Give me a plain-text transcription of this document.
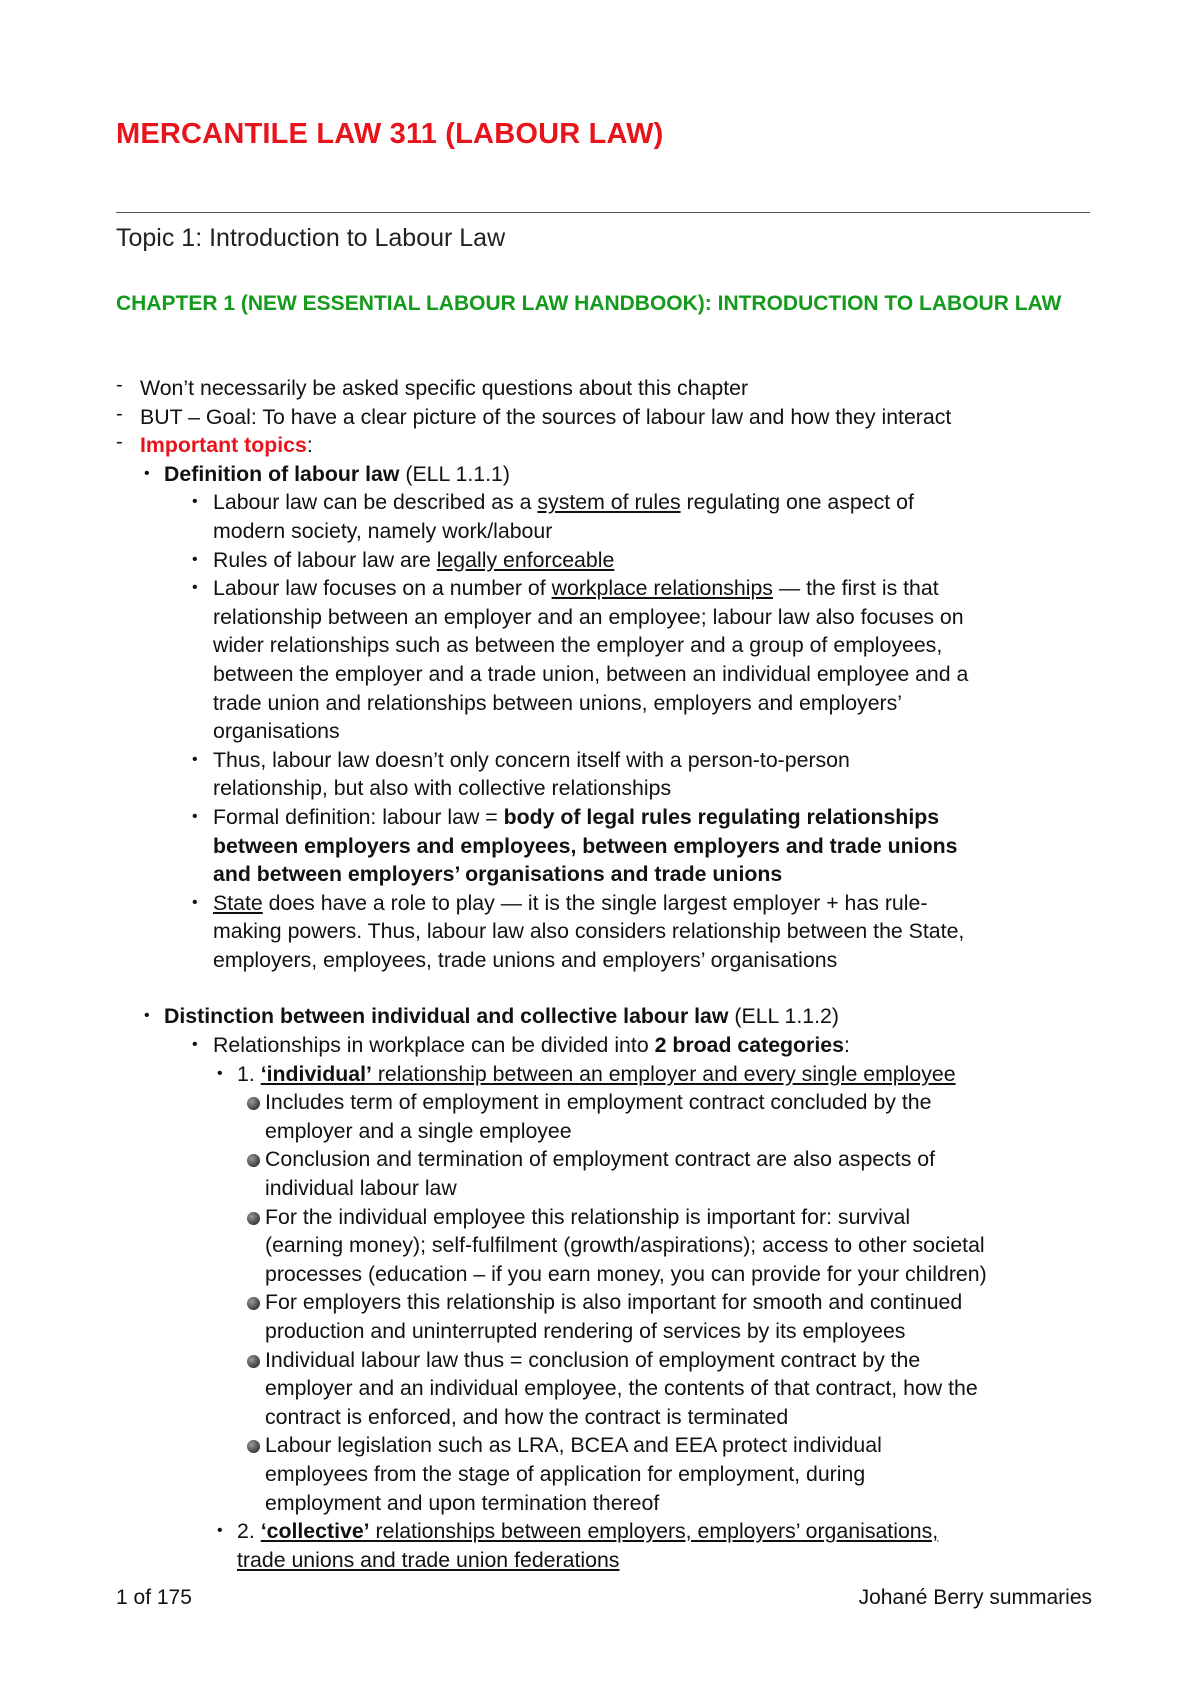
MERCANTILE LAW 311 (LABOUR LAW)
Topic 1: Introduction to Labour Law
CHAPTER 1 (NEW ESSENTIAL LABOUR LAW HANDBOOK): INTRODUCTION TO LABOUR LAW
- Won’t necessarily be asked specific questions about this chapter
- BUT – Goal: To have a clear picture of the sources of labour law and how they interact
- Important topics:
• Definition of labour law (ELL 1.1.1)
• Labour law can be described as a system of rules regulating one aspect of
modern society, namely work/labour
• Rules of labour law are legally enforceable
• Labour law focuses on a number of workplace relationships — the first is that
relationship between an employer and an employee; labour law also focuses on
wider relationships such as between the employer and a group of employees,
between the employer and a trade union, between an individual employee and a
trade union and relationships between unions, employers and employers’
organisations
• Thus, labour law doesn’t only concern itself with a person-to-person
relationship, but also with collective relationships
• Formal definition: labour law = body of legal rules regulating relationships
between employers and employees, between employers and trade unions
and between employers’ organisations and trade unions
• State does have a role to play — it is the single largest employer + has rule-
making powers. Thus, labour law also considers relationship between the State,
employers, employees, trade unions and employers’ organisations
• Distinction between individual and collective labour law (ELL 1.1.2)
• Relationships in workplace can be divided into 2 broad categories:
• 1. ‘individual’ relationship between an employer and every single employee
Includes term of employment in employment contract concluded by the
employer and a single employee
Conclusion and termination of employment contract are also aspects of
individual labour law
For the individual employee this relationship is important for: survival
(earning money); self-fulfilment (growth/aspirations); access to other societal
processes (education – if you earn money, you can provide for your children)
For employers this relationship is also important for smooth and continued
production and uninterrupted rendering of services by its employees
Individual labour law thus = conclusion of employment contract by the
employer and an individual employee, the contents of that contract, how the
contract is enforced, and how the contract is terminated
Labour legislation such as LRA, BCEA and EEA protect individual
employees from the stage of application for employment, during
employment and upon termination thereof
• 2. ‘collective’ relationships between employers, employers’ organisations,
trade unions and trade union federations
1 of 175	Johané Berry summaries
